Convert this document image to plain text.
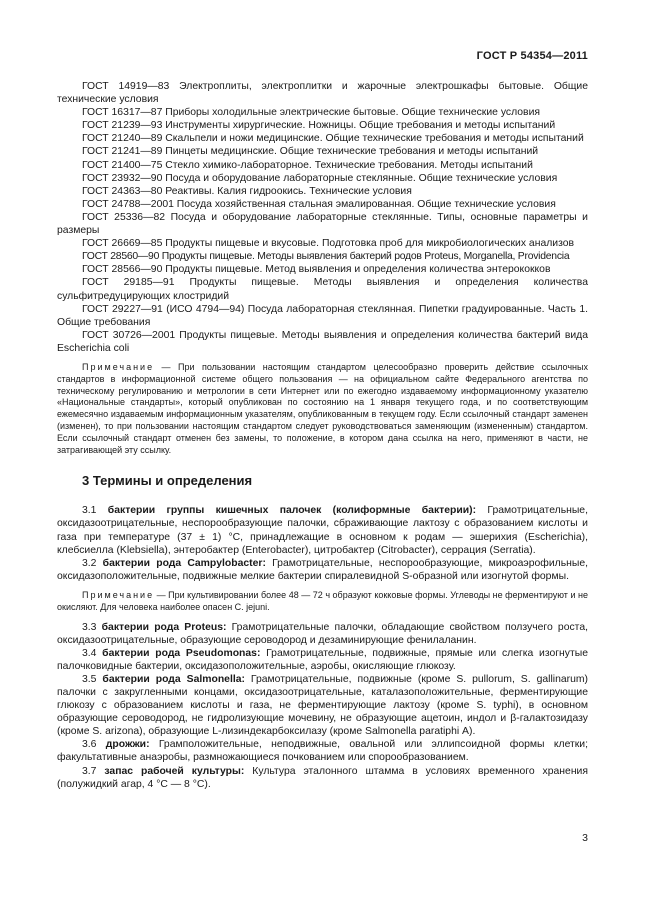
ГОСТ Р 54354—2011

ГОСТ 14919—83 Электроплиты, электроплитки и жарочные электрошкафы бытовые. Общие технические условия

ГОСТ 16317—87 Приборы холодильные электрические бытовые. Общие технические условия

ГОСТ 21239—93 Инструменты хирургические. Ножницы. Общие требования и методы испытаний

ГОСТ 21240—89 Скальпели и ножи медицинские. Общие технические требования и методы испытаний

ГОСТ 21241—89 Пинцеты медицинские. Общие технические требования и методы испытаний

ГОСТ 21400—75 Стекло химико-лабораторное. Технические требования. Методы испытаний

ГОСТ 23932—90 Посуда и оборудование лабораторные стеклянные. Общие технические условия

ГОСТ 24363—80 Реактивы. Калия гидроокись. Технические условия

ГОСТ 24788—2001 Посуда хозяйственная стальная эмалированная. Общие технические условия

ГОСТ 25336—82 Посуда и оборудование лабораторные стеклянные. Типы, основные параметры и размеры

ГОСТ 26669—85 Продукты пищевые и вкусовые. Подготовка проб для микробиологических анализов

ГОСТ 28560—90 Продукты пищевые. Методы выявления бактерий родов Proteus, Morganella, Providencia

ГОСТ 28566—90 Продукты пищевые. Метод выявления и определения количества энтерококков

ГОСТ 29185—91 Продукты пищевые. Методы выявления и определения количества сульфитредуцирующих клостридий

ГОСТ 29227—91 (ИСО 4794—94) Посуда лабораторная стеклянная. Пипетки градуированные. Часть 1. Общие требования

ГОСТ 30726—2001 Продукты пищевые. Методы выявления и определения количества бактерий вида Escherichia coli

Примечание — При пользовании настоящим стандартом целесообразно проверить действие ссылочных стандартов в информационной системе общего пользования — на официальном сайте Федерального агентства по техническому регулированию и метрологии в сети Интернет или по ежегодно издаваемому информационному указателю «Национальные стандарты», который опубликован по состоянию на 1 января текущего года, и по соответствующим ежемесячно издаваемым информационным указателям, опубликованным в текущем году. Если ссылочный стандарт заменен (изменен), то при пользовании настоящим стандартом следует руководствоваться заменяющим (измененным) стандартом. Если ссылочный стандарт отменен без замены, то положение, в котором дана ссылка на него, применяют в части, не затрагивающей эту ссылку.

3 Термины и определения

3.1 бактерии группы кишечных палочек (колиформные бактерии): Грамотрицательные, оксидазоотрицательные, неспорообразующие палочки, сбраживающие лактозу с образованием кислоты и газа при температуре (37 ± 1) °С, принадлежащие в основном к родам — эшерихия (Escherichia), клебсиелла (Klebsiella), энтеробактер (Enterobacter), цитробактер (Citrobacter), серрация (Serratia).

3.2 бактерии рода Campylobacter: Грамотрицательные, неспорообразующие, микроаэрофильные, оксидазоположительные, подвижные мелкие бактерии спиралевидной S-образной или изогнутой формы.

Примечание — При культивировании более 48 — 72 ч образуют кокковые формы. Углеводы не ферментируют и не окисляют. Для человека наиболее опасен C. jejuni.

3.3 бактерии рода Proteus: Грамотрицательные палочки, обладающие свойством ползучего роста, оксидазоотрицательные, образующие сероводород и дезаминирующие фенилаланин.

3.4 бактерии рода Pseudomonas: Грамотрицательные, подвижные, прямые или слегка изогнутые палочковидные бактерии, оксидазоположительные, аэробы, окисляющие глюкозу.

3.5 бактерии рода Salmonella: Грамотрицательные, подвижные (кроме S. pullorum, S. gallinarum) палочки с закругленными концами, оксидазоотрицательные, каталазоположительные, ферментирующие глюкозу с образованием кислоты и газа, не ферментирующие лактозу (кроме S. typhi), в основном образующие сероводород, не гидролизующие мочевину, не образующие ацетоин, индол и β-галактозидазу (кроме S. arizona), образующие L-лизиндекарбоксилазу (кроме Salmonella paratiphi А).

3.6 дрожжи: Грамположительные, неподвижные, овальной или эллипсоидной формы клетки; факультативные анаэробы, размножающиеся почкованием или спорообразованием.

3.7 запас рабочей культуры: Культура эталонного штамма в условиях временного хранения (полужидкий агар, 4 °С — 8 °С).

3
